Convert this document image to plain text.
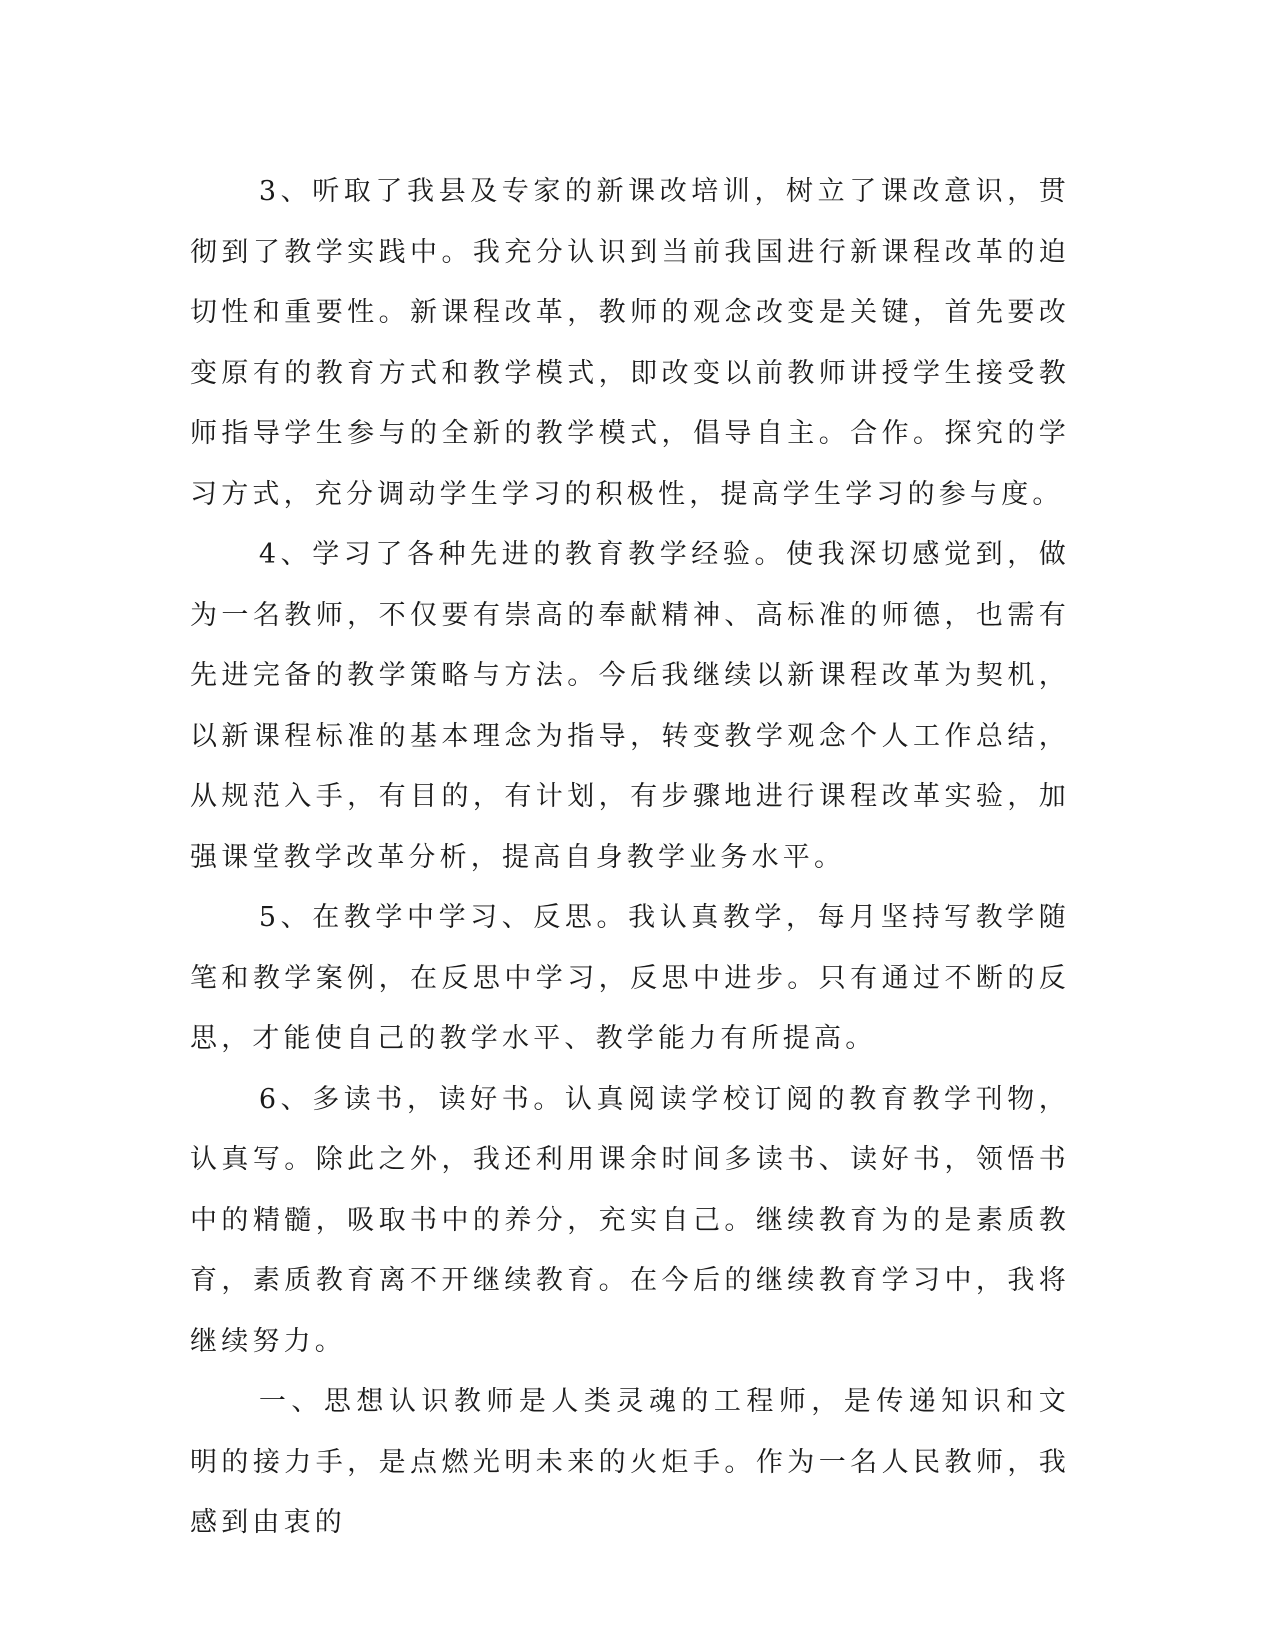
3、听取了我县及专家的新课改培训，树立了课改意识，贯彻到了教学实践中。我充分认识到当前我国进行新课程改革的迫切性和重要性。新课程改革，教师的观念改变是关键，首先要改变原有的教育方式和教学模式，即改变以前教师讲授学生接受教师指导学生参与的全新的教学模式，倡导自主。合作。探究的学习方式，充分调动学生学习的积极性，提高学生学习的参与度。

4、学习了各种先进的教育教学经验。使我深切感觉到，做为一名教师，不仅要有崇高的奉献精神、高标准的师德，也需有先进完备的教学策略与方法。今后我继续以新课程改革为契机，以新课程标准的基本理念为指导，转变教学观念个人工作总结，从规范入手，有目的，有计划，有步骤地进行课程改革实验，加强课堂教学改革分析，提高自身教学业务水平。

5、在教学中学习、反思。我认真教学，每月坚持写教学随笔和教学案例，在反思中学习，反思中进步。只有通过不断的反思，才能使自己的教学水平、教学能力有所提高。

6、多读书，读好书。认真阅读学校订阅的教育教学刊物，认真写。除此之外，我还利用课余时间多读书、读好书，领悟书中的精髓，吸取书中的养分，充实自己。继续教育为的是素质教育，素质教育离不开继续教育。在今后的继续教育学习中，我将继续努力。

一、思想认识教师是人类灵魂的工程师，是传递知识和文明的接力手，是点燃光明未来的火炬手。作为一名人民教师，我感到由衷的
